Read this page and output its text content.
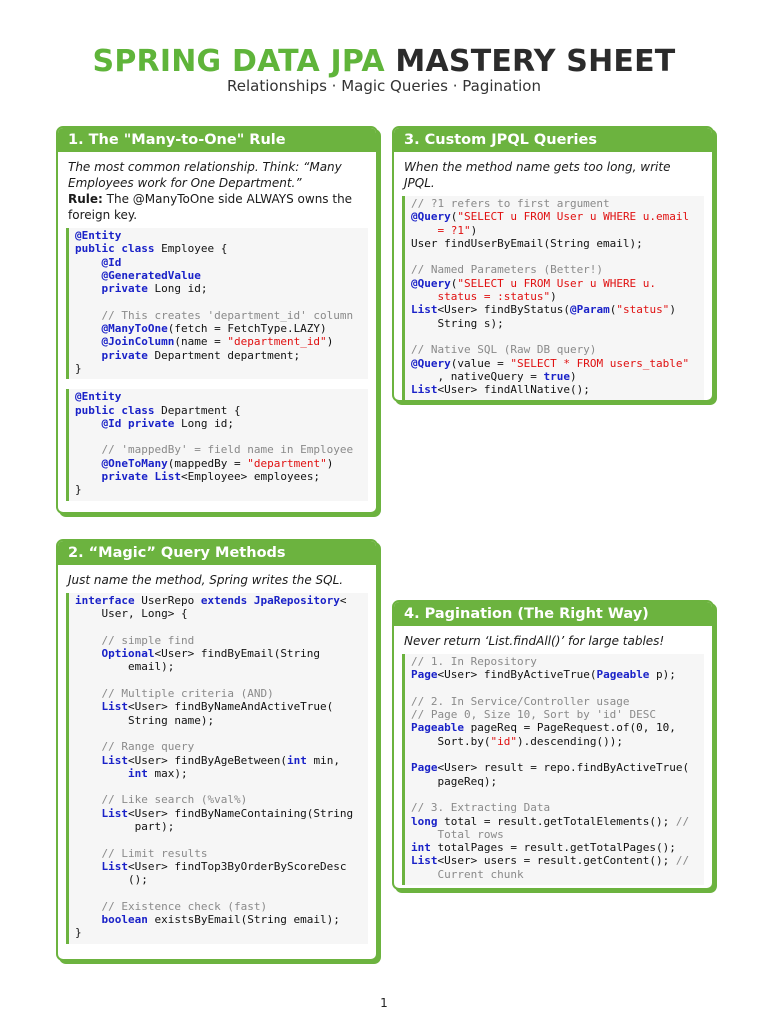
SPRING DATA JPA MASTERY SHEET
Relationships · Magic Queries · Pagination
1. The "Many-to-One" Rule
The most common relationship. Think: “Many Employees work for One Department.”
Rule: The @ManyToOne side ALWAYS owns the foreign key.
@Entity
public class Employee {
@Id
@GeneratedValue
private Long id;
// This creates 'department_id' column
@ManyToOne(fetch = FetchType.LAZY)
@JoinColumn(name = "department_id")
private Department department;
}
@Entity
public class Department {
@Id private Long id;
// 'mappedBy' = field name in Employee
@OneToMany(mappedBy = "department")
private List<Employee> employees;
}
2. “Magic” Query Methods
Just name the method, Spring writes the SQL.
interface UserRepo extends JpaRepository<
User, Long> {
// simple find
Optional<User> findByEmail(String
email);
// Multiple criteria (AND)
List<User> findByNameAndActiveTrue(
String name);
// Range query
List<User> findByAgeBetween(int min,
int max);
// Like search (%val%)
List<User> findByNameContaining(String
part);
// Limit results
List<User> findTop3ByOrderByScoreDesc
();
// Existence check (fast)
boolean existsByEmail(String email);
}
3. Custom JPQL Queries
When the method name gets too long, write JPQL.
// ?1 refers to first argument
@Query("SELECT u FROM User u WHERE u.email
= ?1")
User findUserByEmail(String email);
// Named Parameters (Better!)
@Query("SELECT u FROM User u WHERE u.
status = :status")
List<User> findByStatus(@Param("status")
String s);
// Native SQL (Raw DB query)
@Query(value = "SELECT * FROM users_table"
, nativeQuery = true)
List<User> findAllNative();
4. Pagination (The Right Way)
Never return ‘List.findAll()’ for large tables!
// 1. In Repository
Page<User> findByActiveTrue(Pageable p);
// 2. In Service/Controller usage
// Page 0, Size 10, Sort by 'id' DESC
Pageable pageReq = PageRequest.of(0, 10,
Sort.by("id").descending());
Page<User> result = repo.findByActiveTrue(
pageReq);
// 3. Extracting Data
long total = result.getTotalElements(); //
Total rows
int totalPages = result.getTotalPages();
List<User> users = result.getContent(); //
Current chunk
1
